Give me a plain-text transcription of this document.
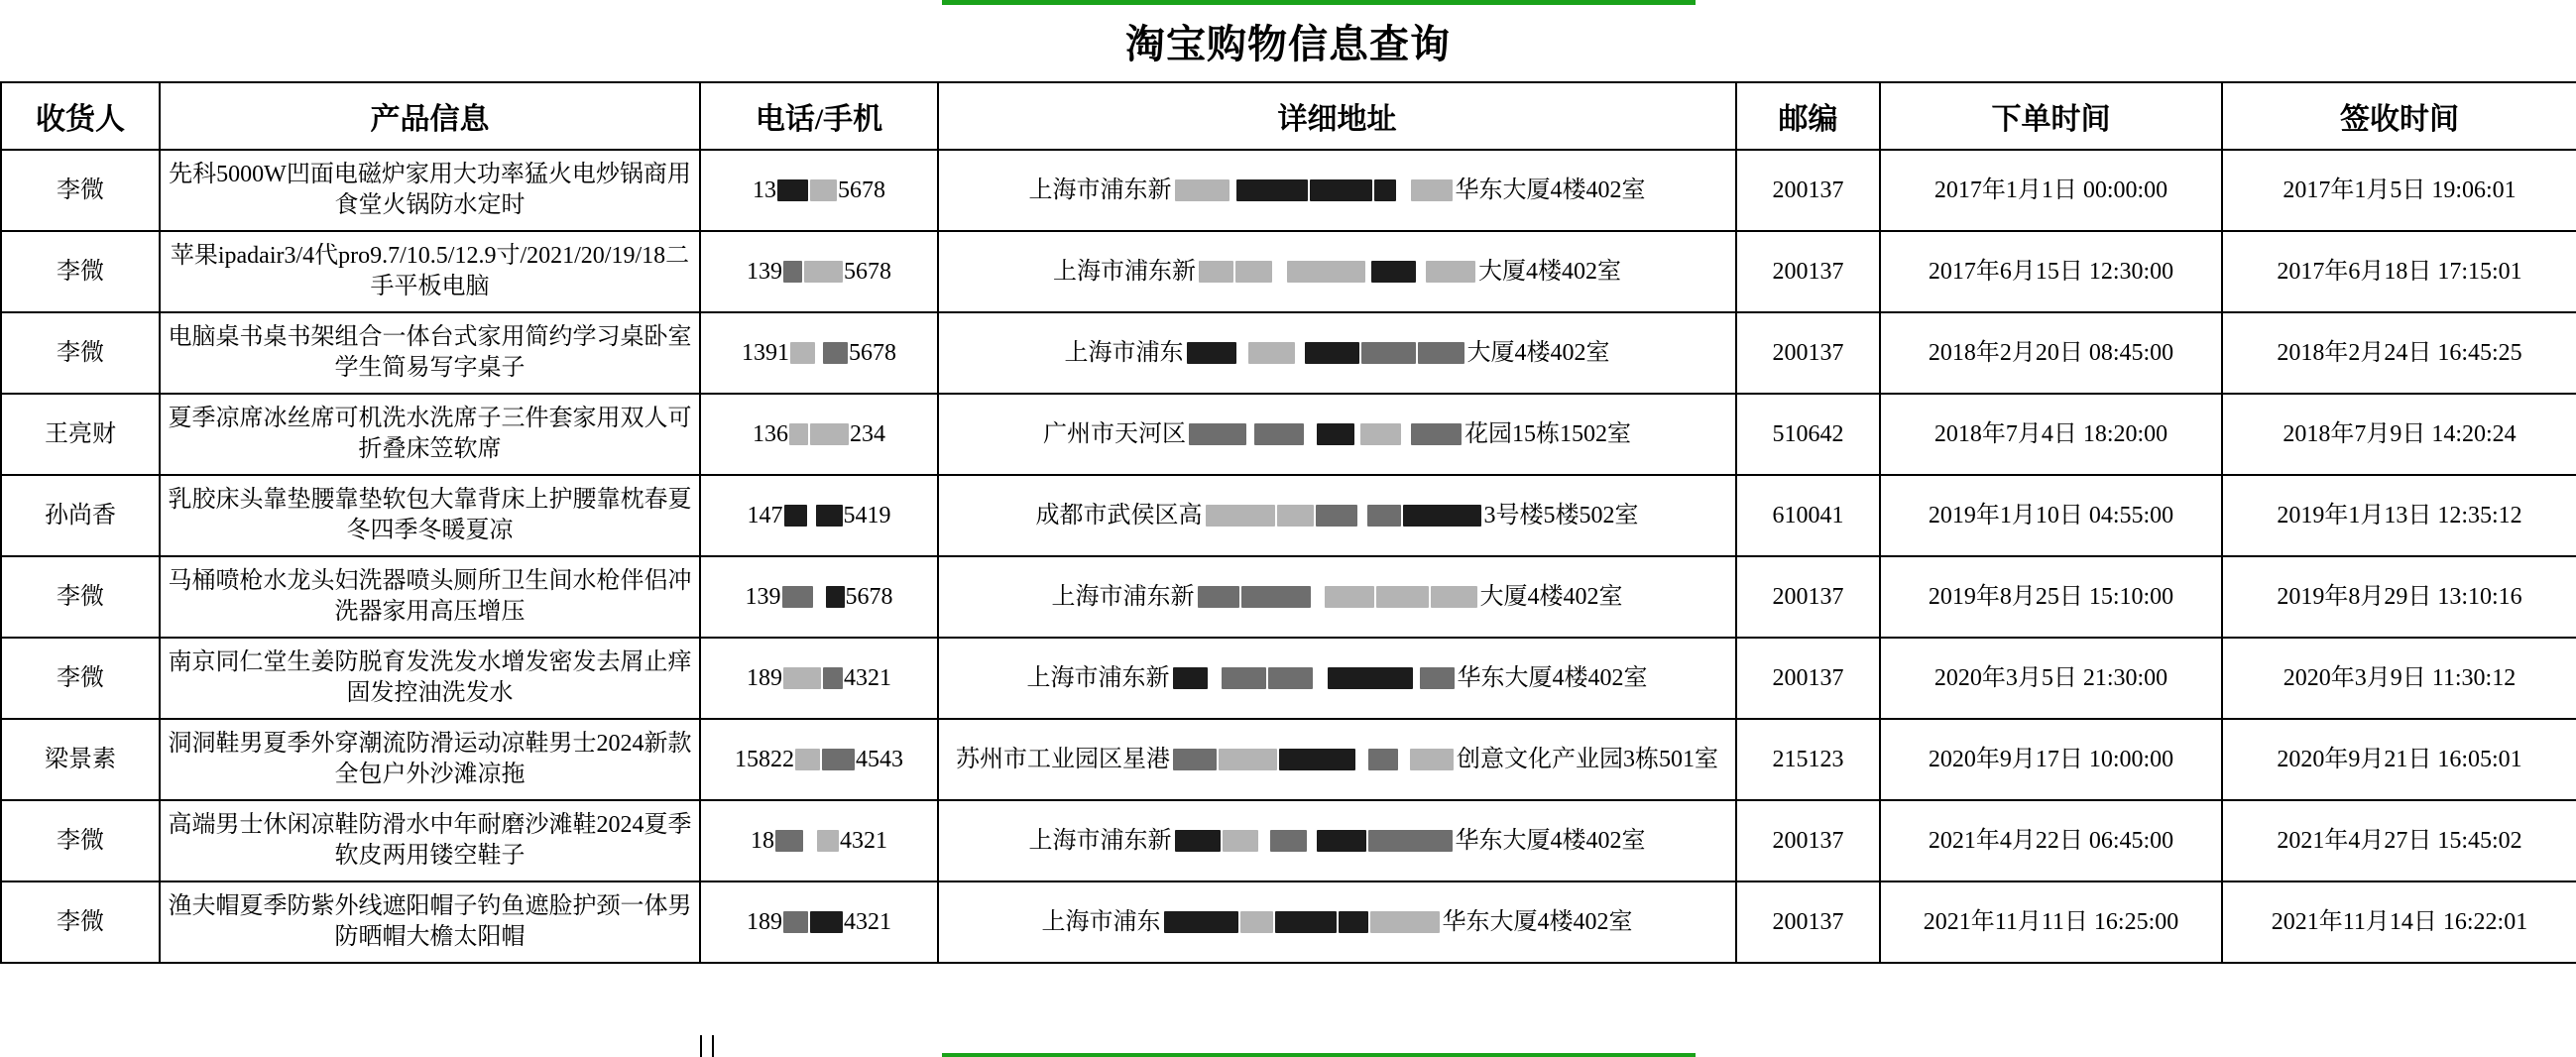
淘宝购物信息查询
收货人	产品信息	电话/手机	详细地址	邮编	下单时间	签收时间
李微	先科5000W凹面电磁炉家用大功率猛火电炒锅商用食堂火锅防水定时	13 5678	上海市浦东新 华东大厦4楼402室	200137	2017年1月1日 00:00:00	2017年1月5日 19:06:01
李微	苹果ipadair3/4代pro9.7/10.5/12.9寸/2021/20/19/18二手平板电脑	139 5678	上海市浦东新 大厦4楼402室	200137	2017年6月15日 12:30:00	2017年6月18日 17:15:01
李微	电脑桌书桌书架组合一体台式家用简约学习桌卧室学生简易写字桌子	1391 5678	上海市浦东 大厦4楼402室	200137	2018年2月20日 08:45:00	2018年2月24日 16:45:25
王亮财	夏季凉席冰丝席可机洗水洗席子三件套家用双人可折叠床笠软席	136 234	广州市天河区 花园15栋1502室	510642	2018年7月4日 18:20:00	2018年7月9日 14:20:24
孙尚香	乳胶床头靠垫腰靠垫软包大靠背床上护腰靠枕春夏冬四季冬暖夏凉	147 5419	成都市武侯区高 3号楼5楼502室	610041	2019年1月10日 04:55:00	2019年1月13日 12:35:12
李微	马桶喷枪水龙头妇洗器喷头厕所卫生间水枪伴侣冲洗器家用高压增压	139 5678	上海市浦东新 大厦4楼402室	200137	2019年8月25日 15:10:00	2019年8月29日 13:10:16
李微	南京同仁堂生姜防脱育发洗发水增发密发去屑止痒固发控油洗发水	189 4321	上海市浦东新 华东大厦4楼402室	200137	2020年3月5日 21:30:00	2020年3月9日 11:30:12
梁景素	洞洞鞋男夏季外穿潮流防滑运动凉鞋男士2024新款全包户外沙滩凉拖	15822 4543	苏州市工业园区星港 创意文化产业园3栋501室	215123	2020年9月17日 10:00:00	2020年9月21日 16:05:01
李微	高端男士休闲凉鞋防滑水中年耐磨沙滩鞋2024夏季软皮两用镂空鞋子	18 4321	上海市浦东新 华东大厦4楼402室	200137	2021年4月22日 06:45:00	2021年4月27日 15:45:02
李微	渔夫帽夏季防紫外线遮阳帽子钓鱼遮脸护颈一体男防晒帽大檐太阳帽	189 4321	上海市浦东 华东大厦4楼402室	200137	2021年11月11日 16:25:00	2021年11月14日 16:22:01
